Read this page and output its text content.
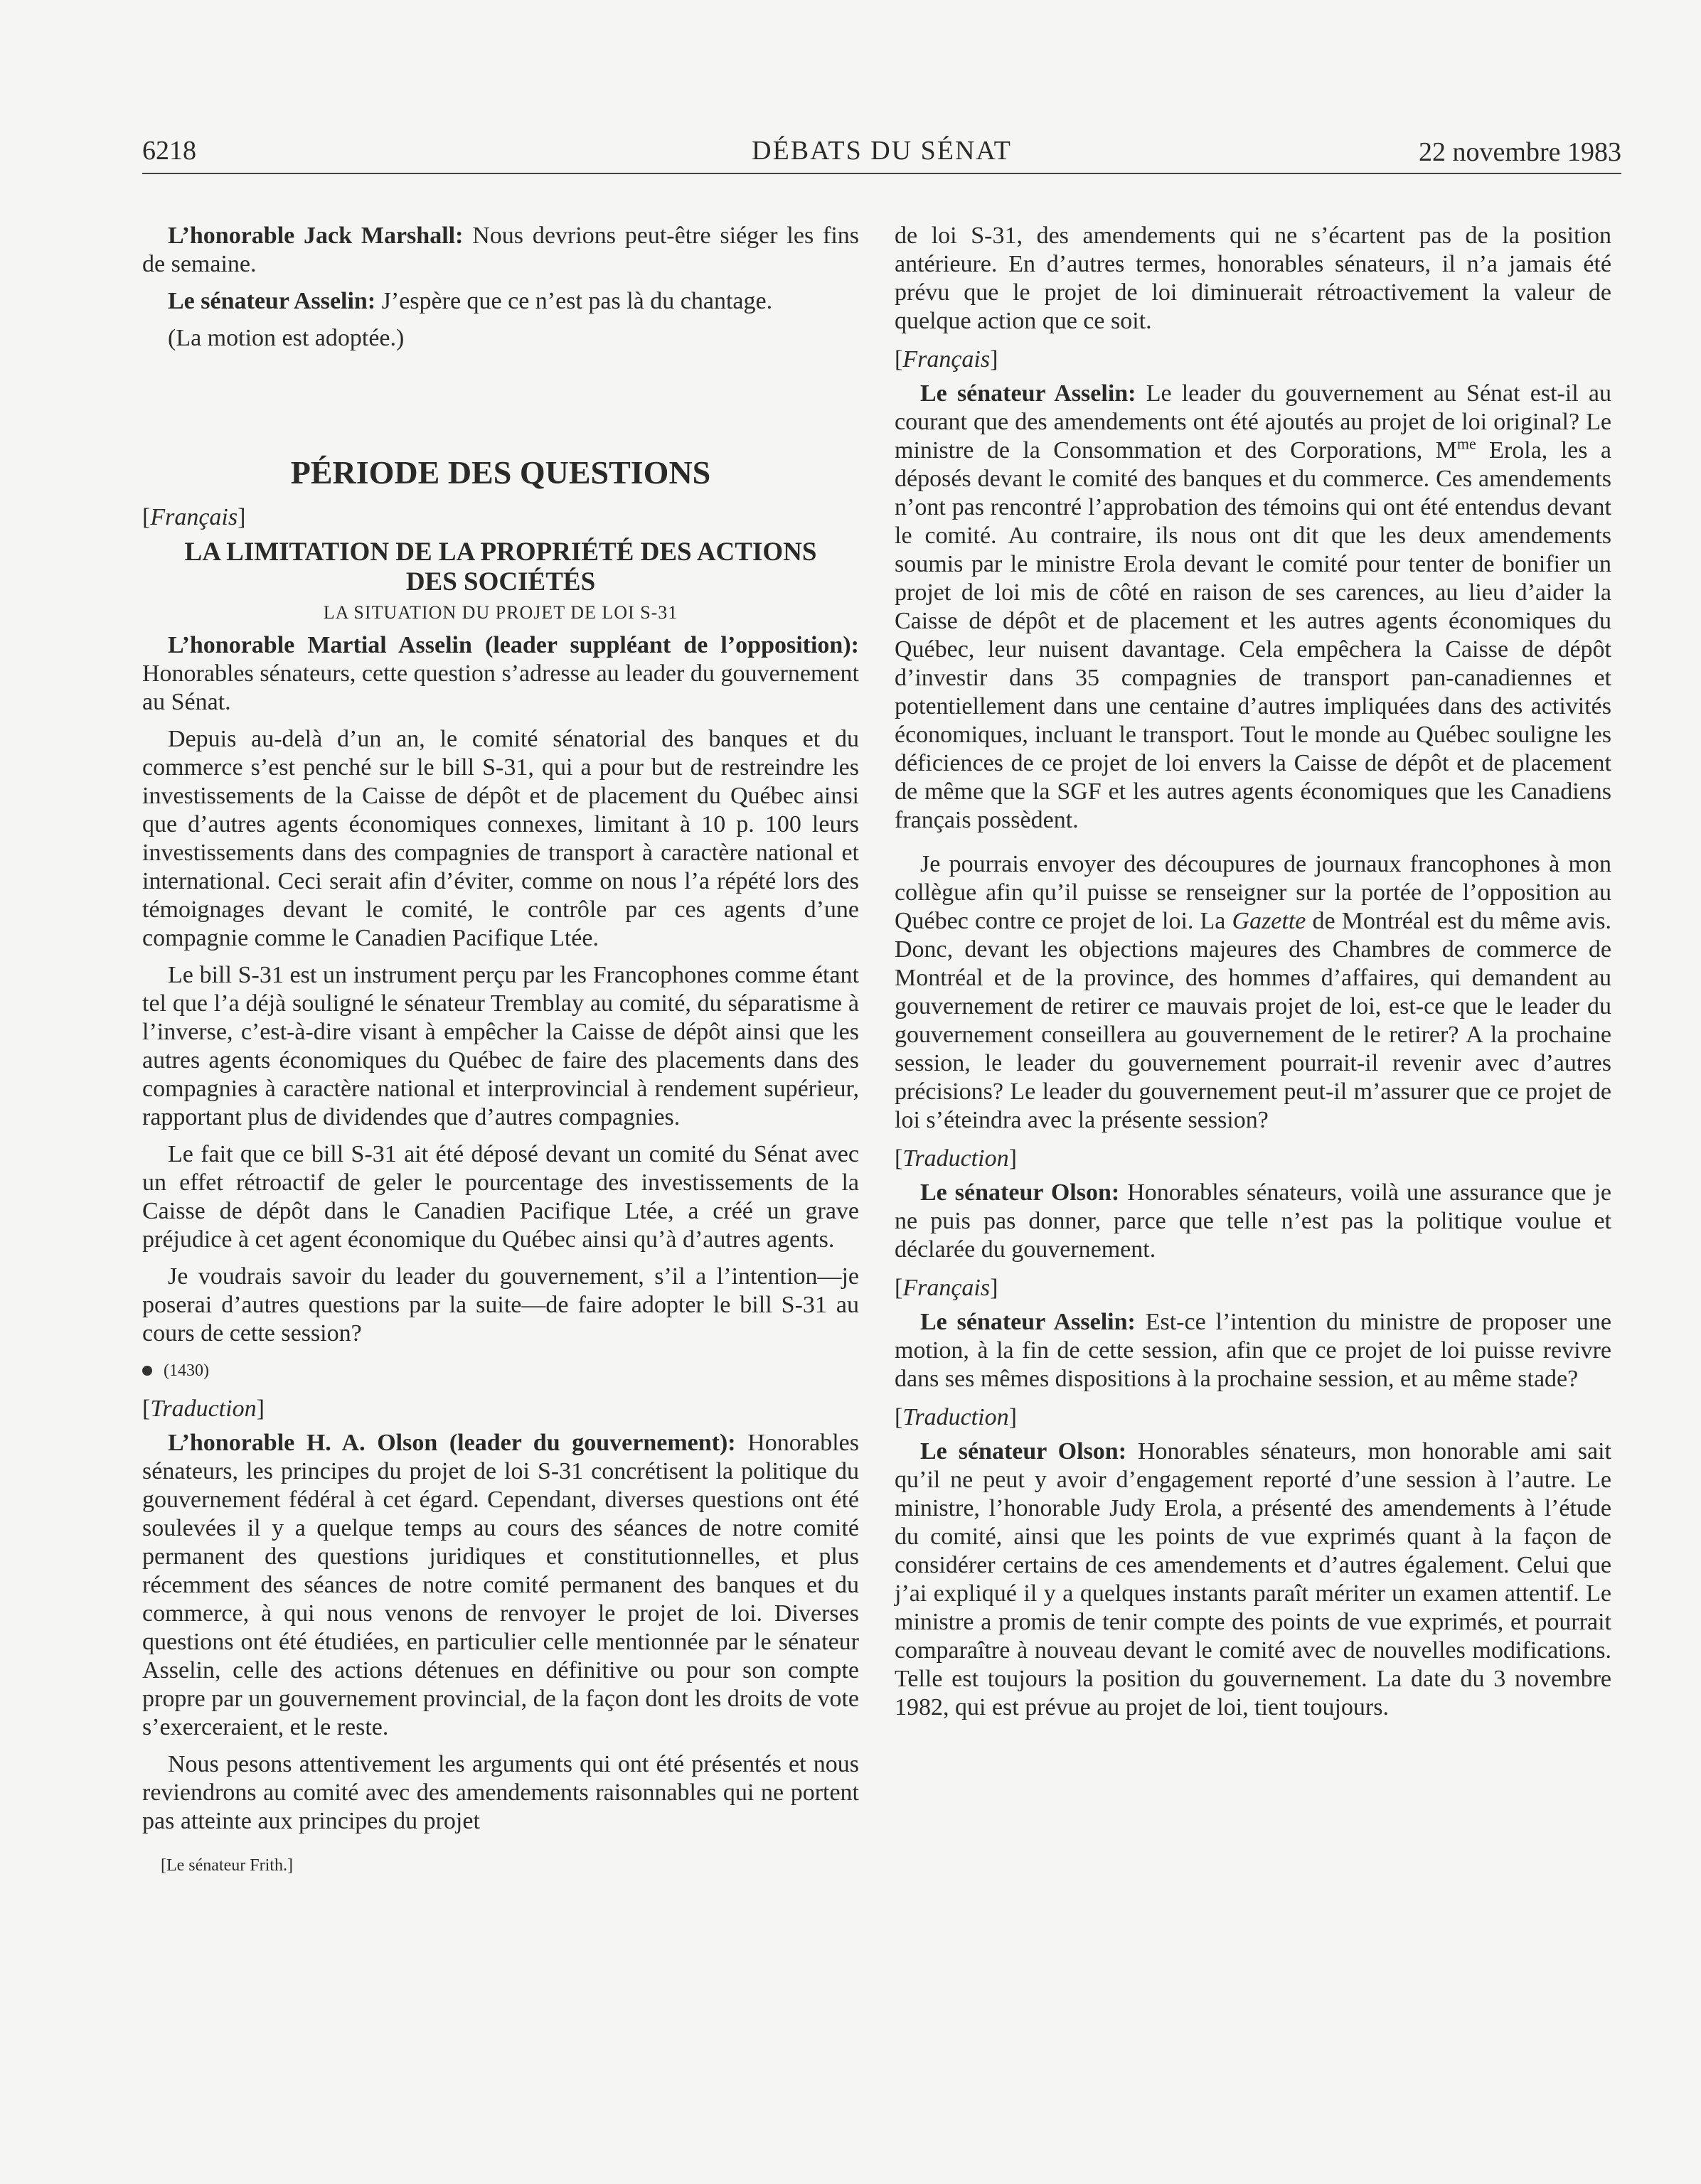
6218	DÉBATS DU SÉNAT	22 novembre 1983

L’honorable Jack Marshall: Nous devrions peut-être siéger les fins de semaine.

Le sénateur Asselin: J’espère que ce n’est pas là du chantage.

(La motion est adoptée.)

PÉRIODE DES QUESTIONS

[Français]

LA LIMITATION DE LA PROPRIÉTÉ DES ACTIONS DES SOCIÉTÉS
LA SITUATION DU PROJET DE LOI S-31

L’honorable Martial Asselin (leader suppléant de l’opposition): Honorables sénateurs, cette question s’adresse au leader du gouvernement au Sénat.

Depuis au-delà d’un an, le comité sénatorial des banques et du commerce s’est penché sur le bill S-31, qui a pour but de restreindre les investissements de la Caisse de dépôt et de placement du Québec ainsi que d’autres agents économiques connexes, limitant à 10 p. 100 leurs investissements dans des compagnies de transport à caractère national et international. Ceci serait afin d’éviter, comme on nous l’a répété lors des témoignages devant le comité, le contrôle par ces agents d’une compagnie comme le Canadien Pacifique Ltée.

Le bill S-31 est un instrument perçu par les Francophones comme étant tel que l’a déjà souligné le sénateur Tremblay au comité, du séparatisme à l’inverse, c’est-à-dire visant à empêcher la Caisse de dépôt ainsi que les autres agents économiques du Québec de faire des placements dans des compagnies à caractère national et interprovincial à rendement supérieur, rapportant plus de dividendes que d’autres compagnies.

Le fait que ce bill S-31 ait été déposé devant un comité du Sénat avec un effet rétroactif de geler le pourcentage des investissements de la Caisse de dépôt dans le Canadien Pacifique Ltée, a créé un grave préjudice à cet agent économique du Québec ainsi qu’à d’autres agents.

Je voudrais savoir du leader du gouvernement, s’il a l’intention—je poserai d’autres questions par la suite—de faire adopter le bill S-31 au cours de cette session?

(1430)

[Traduction]

L’honorable H. A. Olson (leader du gouvernement): Honorables sénateurs, les principes du projet de loi S-31 concrétisent la politique du gouvernement fédéral à cet égard. Cependant, diverses questions ont été soulevées il y a quelque temps au cours des séances de notre comité permanent des questions juridiques et constitutionnelles, et plus récemment des séances de notre comité permanent des banques et du commerce, à qui nous venons de renvoyer le projet de loi. Diverses questions ont été étudiées, en particulier celle mentionnée par le sénateur Asselin, celle des actions détenues en définitive ou pour son compte propre par un gouvernement provincial, de la façon dont les droits de vote s’exerceraient, et le reste.

Nous pesons attentivement les arguments qui ont été présentés et nous reviendrons au comité avec des amendements raisonnables qui ne portent pas atteinte aux principes du projet

[Le sénateur Frith.]

de loi S-31, des amendements qui ne s’écartent pas de la position antérieure. En d’autres termes, honorables sénateurs, il n’a jamais été prévu que le projet de loi diminuerait rétroactivement la valeur de quelque action que ce soit.

[Français]

Le sénateur Asselin: Le leader du gouvernement au Sénat est-il au courant que des amendements ont été ajoutés au projet de loi original? Le ministre de la Consommation et des Corporations, $M^{me}$ Erola, les a déposés devant le comité des banques et du commerce. Ces amendements n’ont pas rencontré l’approbation des témoins qui ont été entendus devant le comité. Au contraire, ils nous ont dit que les deux amendements soumis par le ministre Erola devant le comité pour tenter de bonifier un projet de loi mis de côté en raison de ses carences, au lieu d’aider la Caisse de dépôt et de placement et les autres agents économiques du Québec, leur nuisent davantage. Cela empêchera la Caisse de dépôt d’investir dans 35 compagnies de transport pan-canadiennes et potentiellement dans une centaine d’autres impliquées dans des activités économiques, incluant le transport. Tout le monde au Québec souligne les déficiences de ce projet de loi envers la Caisse de dépôt et de placement de même que la SGF et les autres agents économiques que les Canadiens français possèdent.

Je pourrais envoyer des découpures de journaux francophones à mon collègue afin qu’il puisse se renseigner sur la portée de l’opposition au Québec contre ce projet de loi. La Gazette de Montréal est du même avis. Donc, devant les objections majeures des Chambres de commerce de Montréal et de la province, des hommes d’affaires, qui demandent au gouvernement de retirer ce mauvais projet de loi, est-ce que le leader du gouvernement conseillera au gouvernement de le retirer? A la prochaine session, le leader du gouvernement pourrait-il revenir avec d’autres précisions? Le leader du gouvernement peut-il m’assurer que ce projet de loi s’éteindra avec la présente session?

[Traduction]

Le sénateur Olson: Honorables sénateurs, voilà une assurance que je ne puis pas donner, parce que telle n’est pas la politique voulue et déclarée du gouvernement.

[Français]

Le sénateur Asselin: Est-ce l’intention du ministre de proposer une motion, à la fin de cette session, afin que ce projet de loi puisse revivre dans ses mêmes dispositions à la prochaine session, et au même stade?

[Traduction]

Le sénateur Olson: Honorables sénateurs, mon honorable ami sait qu’il ne peut y avoir d’engagement reporté d’une session à l’autre. Le ministre, l’honorable Judy Erola, a présenté des amendements à l’étude du comité, ainsi que les points de vue exprimés quant à la façon de considérer certains de ces amendements et d’autres également. Celui que j’ai expliqué il y a quelques instants paraît mériter un examen attentif. Le ministre a promis de tenir compte des points de vue exprimés, et pourrait comparaître à nouveau devant le comité avec de nouvelles modifications. Telle est toujours la position du gouvernement. La date du 3 novembre 1982, qui est prévue au projet de loi, tient toujours.
